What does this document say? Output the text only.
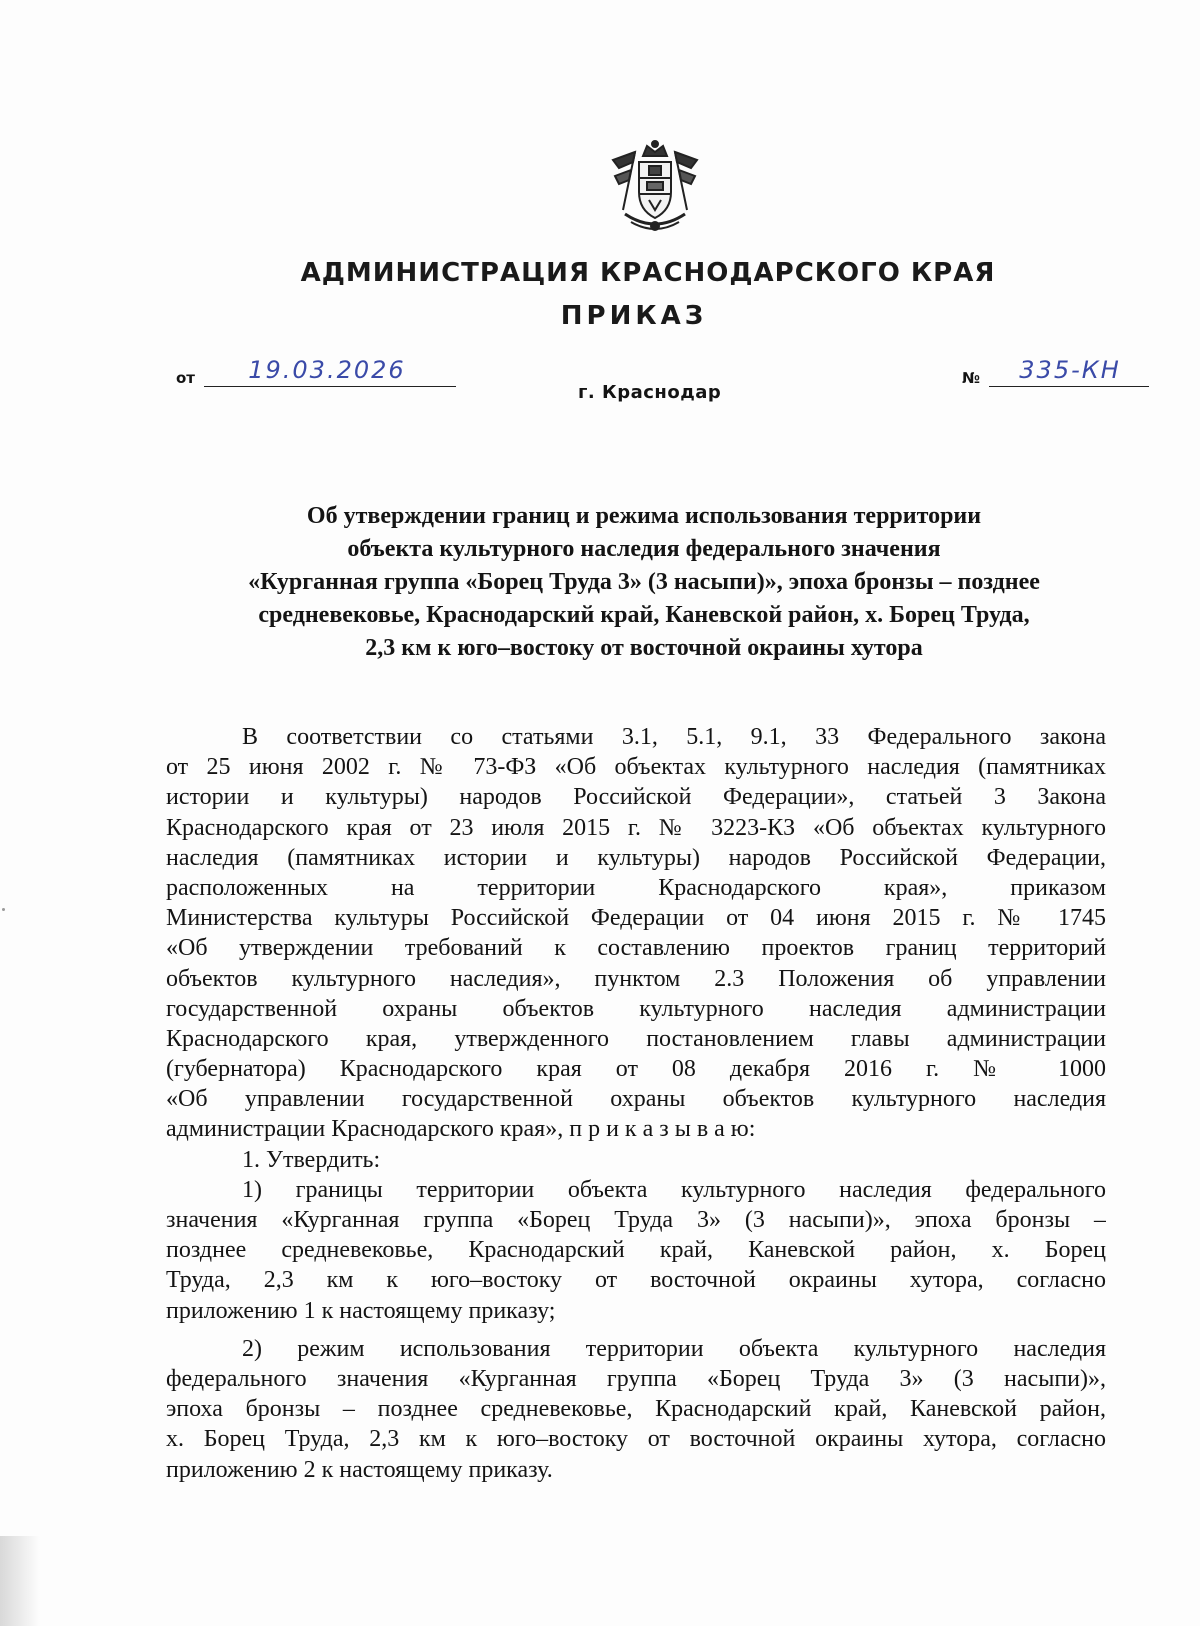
АДМИНИСТРАЦИЯ КРАСНОДАРСКОГО КРАЯ
ПРИКАЗ
от 19.03.2026
г. Краснодар
№ 335-КН
Об утверждении границ и режима использования территории
объекта культурного наследия федерального значения
«Курганная группа «Борец Труда 3» (3 насыпи)», эпоха бронзы – позднее
средневековье, Краснодарский край, Каневской район, х. Борец Труда,
2,3 км к юго–востоку от восточной окраины хутора
В соответствии со статьями 3.1, 5.1, 9.1, 33 Федерального закона
от 25 июня 2002 г. № 73-ФЗ «Об объектах культурного наследия (памятниках
истории и культуры) народов Российской Федерации», статьей 3 Закона
Краснодарского края от 23 июля 2015 г. № 3223-КЗ «Об объектах культурного
наследия (памятниках истории и культуры) народов Российской Федерации,
расположенных на территории Краснодарского края», приказом
Министерства культуры Российской Федерации от 04 июня 2015 г. № 1745
«Об утверждении требований к составлению проектов границ территорий
объектов культурного наследия», пунктом 2.3 Положения об управлении
государственной охраны объектов культурного наследия администрации
Краснодарского края, утвержденного постановлением главы администрации
(губернатора) Краснодарского края от 08 декабря 2016 г. № 1000
«Об управлении государственной охраны объектов культурного наследия
администрации Краснодарского края», п р и к а з ы в а ю:
1. Утвердить:
1) границы территории объекта культурного наследия федерального
значения «Курганная группа «Борец Труда 3» (3 насыпи)», эпоха бронзы –
позднее средневековье, Краснодарский край, Каневской район, х. Борец
Труда, 2,3 км к юго–востоку от восточной окраины хутора, согласно
приложению 1 к настоящему приказу;
2) режим использования территории объекта культурного наследия
федерального значения «Курганная группа «Борец Труда 3» (3 насыпи)»,
эпоха бронзы – позднее средневековье, Краснодарский край, Каневской район,
х. Борец Труда, 2,3 км к юго–востоку от восточной окраины хутора, согласно
приложению 2 к настоящему приказу.
